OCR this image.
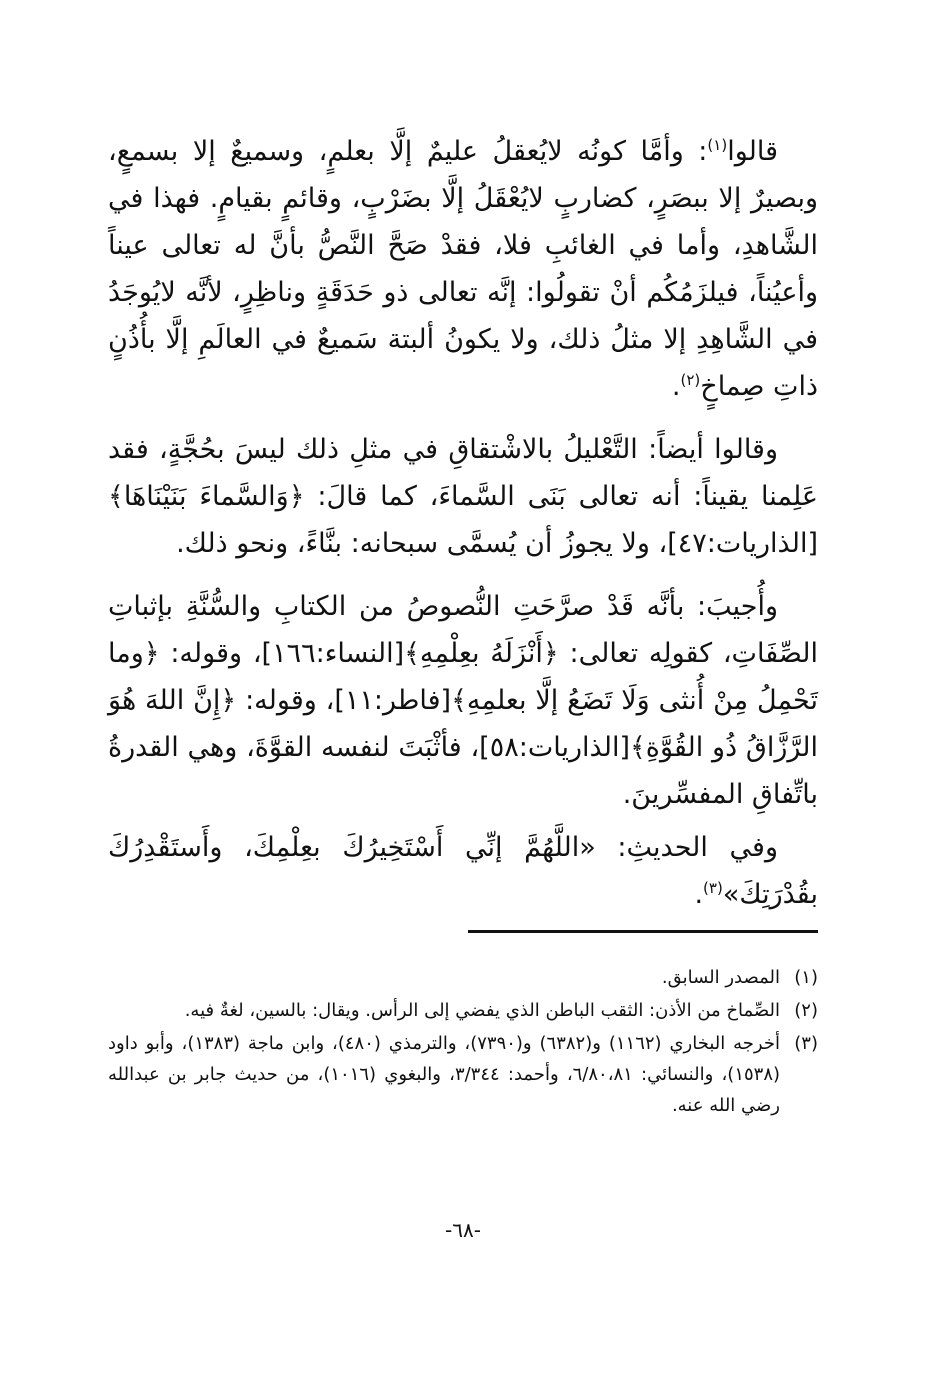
قالوا$^{(١)}$: وأمَّا كونُه لايُعقلُ عليمٌ إلَّا بعلمٍ، وسميعٌ إلا بسمعٍ، وبصيرٌ إلا ببصَرٍ، كضاربٍ لايُعْقَلُ إلَّا بضَرْبٍ، وقائمٍ بقيامٍ. فهذا في الشَّاهدِ، وأما في الغائبِ فلا، فقدْ صَحَّ النَّصُّ بأنَّ له تعالى عيناً وأعيُناً، فيلزَمُكُم أنْ تقولُوا: إنَّه تعالى ذو حَدَقَةٍ وناظِرٍ، لأنَّه لايُوجَدُ في الشَّاهِدِ إلا مثلُ ذلك، ولا يكونُ ألبتة سَميعٌ في العالَمِ إلَّا بأُذُنٍ ذاتِ صِماخٍ$^{(٢)}$.

وقالوا أيضاً: التَّعْليلُ بالاشْتقاقِ في مثلِ ذلك ليسَ بحُجَّةٍ، فقد عَلِمنا يقيناً: أنه تعالى بَنَى السَّماءَ، كما قالَ: ﴿وَالسَّماءَ بَنَيْنَاهَا﴾[الذاريات:٤٧]، ولا يجوزُ أن يُسمَّى سبحانه: بنَّاءً، ونحو ذلك.

وأُجيبَ: بأنَّه قَدْ صرَّحَتِ النُّصوصُ من الكتابِ والسُّنَّةِ بإثباتِ الصِّفَاتِ، كقولِه تعالى: ﴿أَنْزَلَهُ بعِلْمِهِ﴾[النساء:١٦٦]، وقوله: ﴿وما تَحْمِلُ مِنْ أُنثى وَلَا تَضَعُ إلَّا بعلمِهِ﴾[فاطر:١١]، وقوله: ﴿إِنَّ اللهَ هُوَ الرَّزَّاقُ ذُو القُوَّةِ﴾[الذاريات:٥٨]، فأثْبَتَ لنفسه القوَّةَ، وهي القدرةُ باتِّفاقِ المفسِّرينَ.

وفي الحديثِ: «اللَّهُمَّ إنِّي أَسْتَخِيرُكَ بعِلْمِكَ، وأَستَقْدِرُكَ بقُدْرَتِكَ»$^{(٣)}$.

(١)
المصدر السابق.
(٢)
الصِّماخ من الأذن: الثقب الباطن الذي يفضي إلى الرأس. ويقال: بالسين، لغةٌ فيه.
(٣)
أخرجه البخاري (١١٦٢) و(٦٣٨٢) و(٧٣٩٠)، والترمذي (٤٨٠)، وابن ماجة (١٣٨٣)، وأبو داود (١٥٣٨)، والنسائي: ٦/٨٠،٨١، وأحمد: ٣/٣٤٤، والبغوي (١٠١٦)، من حديث جابر بن عبدالله رضي الله عنه.
-٦٨-
